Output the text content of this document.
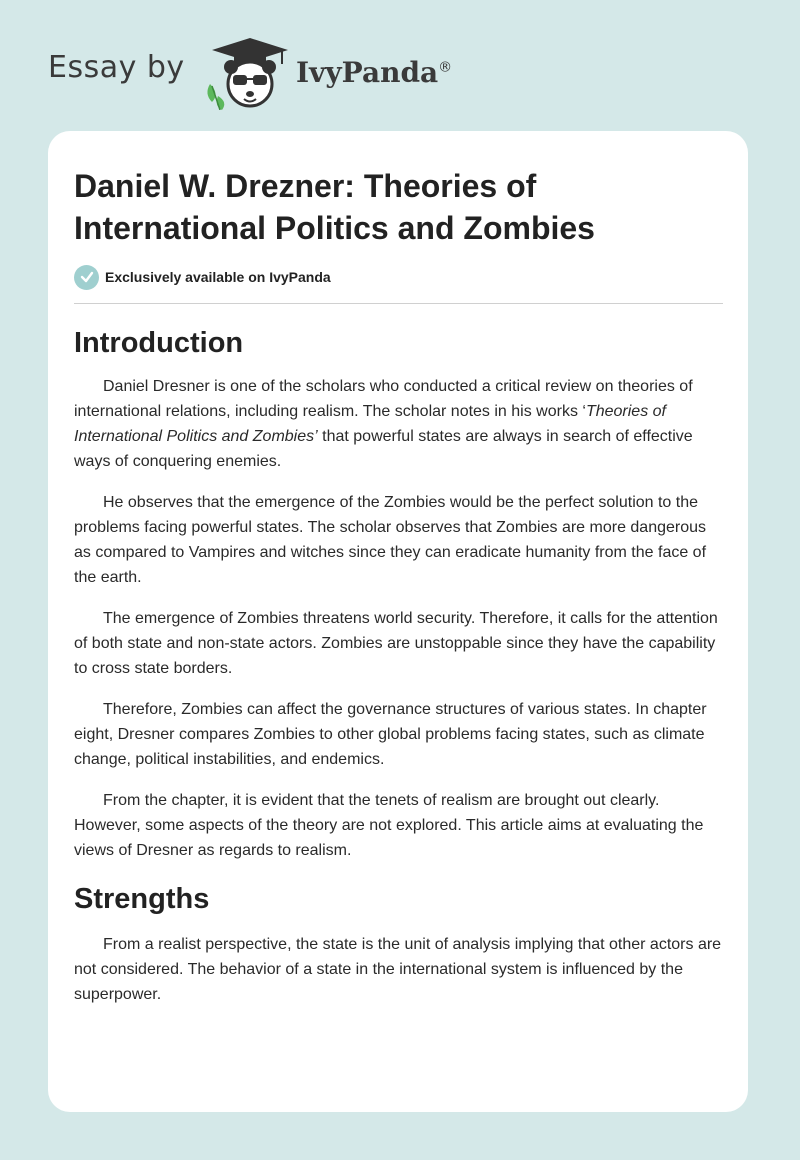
Essay by	IvyPanda®
Daniel W. Drezner: Theories of International Politics and Zombies
Exclusively available on IvyPanda
Introduction

Daniel Dresner is one of the scholars who conducted a critical review on theories of international relations, including realism. The scholar notes in his works ‘Theories of International Politics and Zombies’ that powerful states are always in search of effective ways of conquering enemies.

He observes that the emergence of the Zombies would be the perfect solution to the problems facing powerful states. The scholar observes that Zombies are more dangerous as compared to Vampires and witches since they can eradicate humanity from the face of the earth.

The emergence of Zombies threatens world security. Therefore, it calls for the attention of both state and non-state actors. Zombies are unstoppable since they have the capability to cross state borders.

Therefore, Zombies can affect the governance structures of various states. In chapter eight, Dresner compares Zombies to other global problems facing states, such as climate change, political instabilities, and endemics.

From the chapter, it is evident that the tenets of realism are brought out clearly. However, some aspects of the theory are not explored. This article aims at evaluating the views of Dresner as regards to realism.

Strengths

From a realist perspective, the state is the unit of analysis implying that other actors are not considered. The behavior of a state in the international system is influenced by the superpower.
